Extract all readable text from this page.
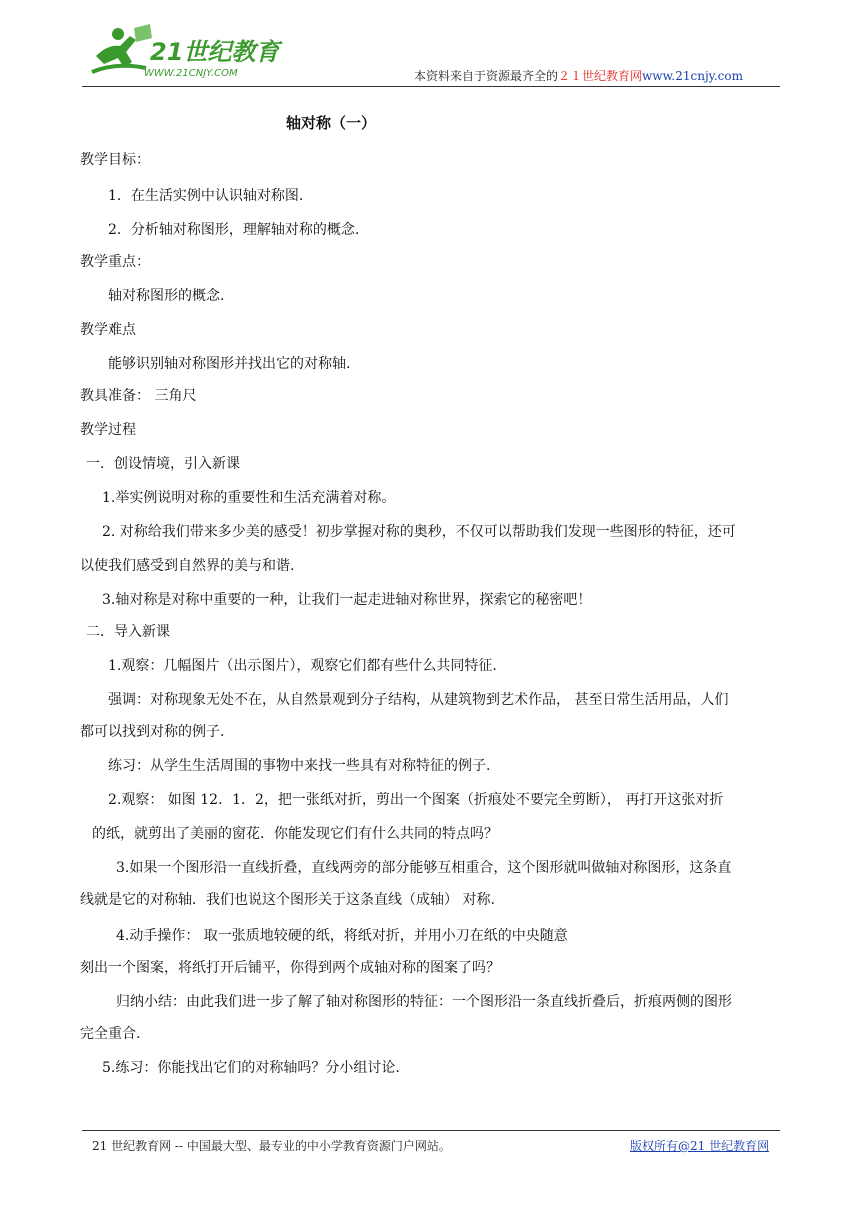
21世纪教育
WWW.21CNJY.COM	本资料来自于资源最齐全的２１世纪教育网www.21cnjy.com
轴对称（一）
教学目标：
1．在生活实例中认识轴对称图.
2．分析轴对称图形，理解轴对称的概念.
教学重点：
轴对称图形的概念.
教学难点
能够识别轴对称图形并找出它的对称轴.
教具准备： 三角尺
教学过程
一．创设情境，引入新课
1.举实例说明对称的重要性和生活充满着对称。
2. 对称给我们带来多少美的感受！初步掌握对称的奥秒，不仅可以帮助我们发现一些图形的特征，还可
以使我们感受到自然界的美与和谐.
3.轴对称是对称中重要的一种，让我们一起走进轴对称世界，探索它的秘密吧！
二．导入新课
1.观察：几幅图片（出示图片），观察它们都有些什么共同特征.
强调：对称现象无处不在，从自然景观到分子结构，从建筑物到艺术作品， 甚至日常生活用品，人们
都可以找到对称的例子.
练习：从学生生活周围的事物中来找一些具有对称特征的例子.
2.观察： 如图 12．1．2，把一张纸对折，剪出一个图案（折痕处不要完全剪断）， 再打开这张对折
的纸，就剪出了美丽的窗花．你能发现它们有什么共同的特点吗？
3.如果一个图形沿一直线折叠，直线两旁的部分能够互相重合，这个图形就叫做轴对称图形，这条直
线就是它的对称轴．我们也说这个图形关于这条直线（成轴） 对称.
4.动手操作： 取一张质地较硬的纸，将纸对折，并用小刀在纸的中央随意
刻出一个图案，将纸打开后铺平，你得到两个成轴对称的图案了吗？
归纳小结：由此我们进一步了解了轴对称图形的特征：一个图形沿一条直线折叠后，折痕两侧的图形
完全重合.
5.练习：你能找出它们的对称轴吗？分小组讨论.
21 世纪教育网 -- 中国最大型、最专业的中小学教育资源门户网站。	版权所有@21 世纪教育网
